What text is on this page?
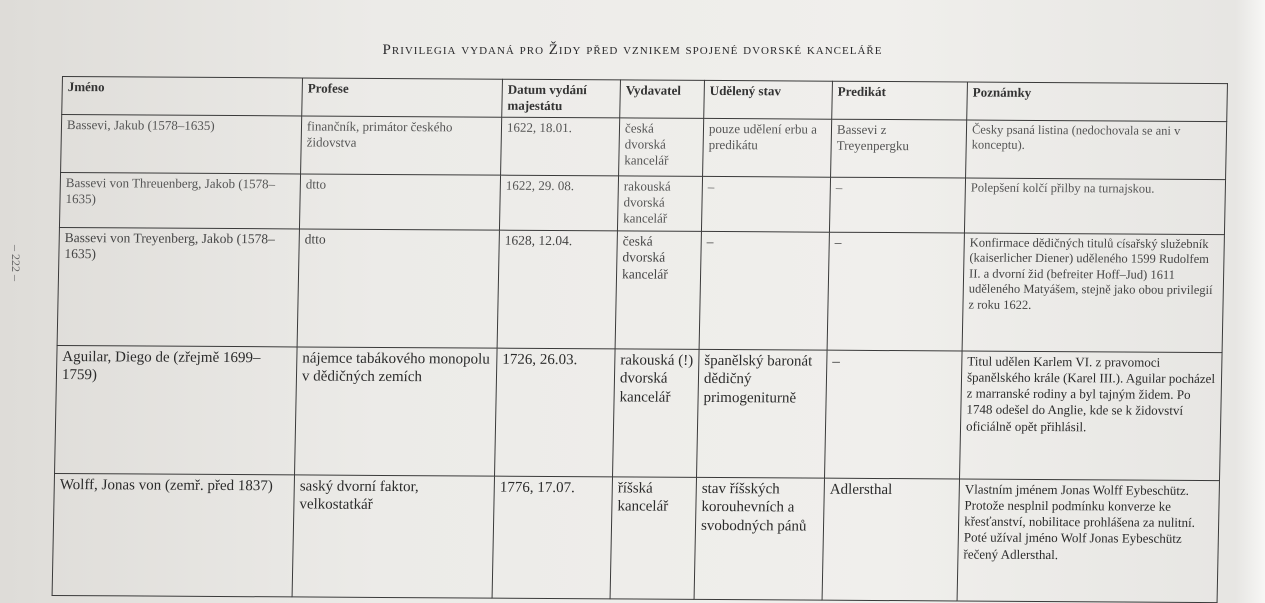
Privilegia vydaná pro Židy před vznikem spojené dvorské kanceláře
– 222 –
Jméno	Profese	Datum vydání majestátu	Vydavatel	Udělený stav	Predikát	Poznámky
Bassevi, Jakub (1578–1635)	finančník, primátor českého židovstva	1622, 18.01.	česká dvorská kancelář	pouze udělení erbu a predikátu	Bassevi z Treyenpergku	Česky psaná listina (nedochovala se ani v konceptu).
Bassevi von Threuenberg, Jakob (1578–1635)	dtto	1622, 29. 08.	rakouská dvorská kancelář	–	–	Polepšení kolčí přilby na turnajskou.
Bassevi von Treyenberg, Jakob (1578–1635)	dtto	1628, 12.04.	česká dvorská kancelář	–	–	Konfirmace dědičných titulů císařský služebník (kaiserlicher Diener) uděleného 1599 Rudolfem II. a dvorní žid (befreiter Hoff–Jud) 1611 uděleného Matyášem, stejně jako obou privilegií z roku 1622.
Aguilar, Diego de (zřejmě 1699–1759)	nájemce tabákového monopolu v dědičných zemích	1726, 26.03.	rakouská (!) dvorská kancelář	španělský baronát dědičný primogeniturně	–	Titul udělen Karlem VI. z pravomoci španělského krále (Karel III.). Aguilar pocházel z marranské rodiny a byl tajným židem. Po 1748 odešel do Anglie, kde se k židovství oficiálně opět přihlásil.
Wolff, Jonas von (zemř. před 1837)	saský dvorní faktor, velkostatkář	1776, 17.07.	říšská kancelář	stav říšských korouhevních a svobodných pánů	Adlersthal	Vlastním jménem Jonas Wolff Eybeschütz. Protože nesplnil podmínku konverze ke křesťanství, nobilitace prohlášena za nulitní. Poté užíval jméno Wolf Jonas Eybeschütz řečený Adlersthal.
